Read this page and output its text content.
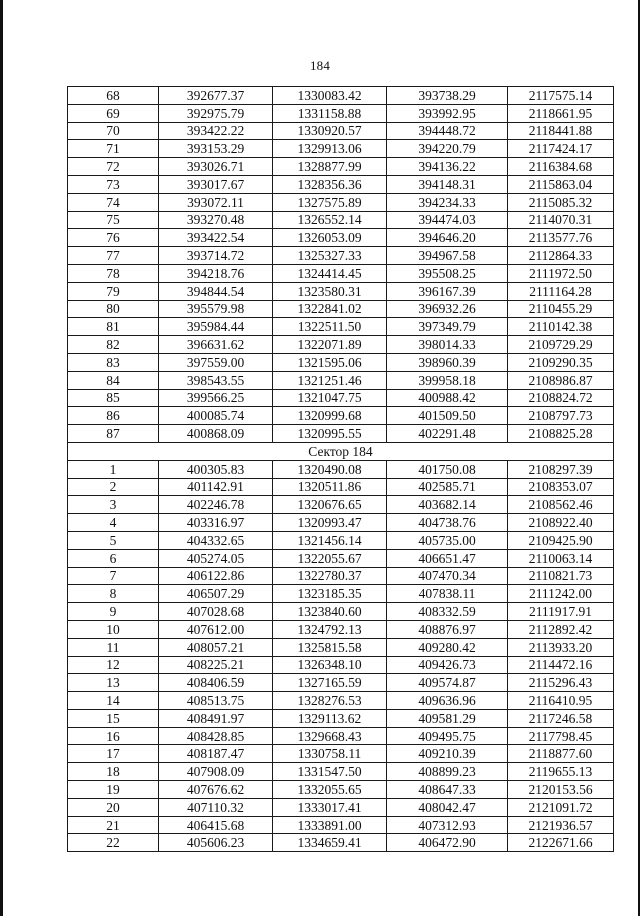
184
68	392677.37	1330083.42	393738.29	2117575.14
69	392975.79	1331158.88	393992.95	2118661.95
70	393422.22	1330920.57	394448.72	2118441.88
71	393153.29	1329913.06	394220.79	2117424.17
72	393026.71	1328877.99	394136.22	2116384.68
73	393017.67	1328356.36	394148.31	2115863.04
74	393072.11	1327575.89	394234.33	2115085.32
75	393270.48	1326552.14	394474.03	2114070.31
76	393422.54	1326053.09	394646.20	2113577.76
77	393714.72	1325327.33	394967.58	2112864.33
78	394218.76	1324414.45	395508.25	2111972.50
79	394844.54	1323580.31	396167.39	2111164.28
80	395579.98	1322841.02	396932.26	2110455.29
81	395984.44	1322511.50	397349.79	2110142.38
82	396631.62	1322071.89	398014.33	2109729.29
83	397559.00	1321595.06	398960.39	2109290.35
84	398543.55	1321251.46	399958.18	2108986.87
85	399566.25	1321047.75	400988.42	2108824.72
86	400085.74	1320999.68	401509.50	2108797.73
87	400868.09	1320995.55	402291.48	2108825.28
Сектор 184				
1	400305.83	1320490.08	401750.08	2108297.39
2	401142.91	1320511.86	402585.71	2108353.07
3	402246.78	1320676.65	403682.14	2108562.46
4	403316.97	1320993.47	404738.76	2108922.40
5	404332.65	1321456.14	405735.00	2109425.90
6	405274.05	1322055.67	406651.47	2110063.14
7	406122.86	1322780.37	407470.34	2110821.73
8	406507.29	1323185.35	407838.11	2111242.00
9	407028.68	1323840.60	408332.59	2111917.91
10	407612.00	1324792.13	408876.97	2112892.42
11	408057.21	1325815.58	409280.42	2113933.20
12	408225.21	1326348.10	409426.73	2114472.16
13	408406.59	1327165.59	409574.87	2115296.43
14	408513.75	1328276.53	409636.96	2116410.95
15	408491.97	1329113.62	409581.29	2117246.58
16	408428.85	1329668.43	409495.75	2117798.45
17	408187.47	1330758.11	409210.39	2118877.60
18	407908.09	1331547.50	408899.23	2119655.13
19	407676.62	1332055.65	408647.33	2120153.56
20	407110.32	1333017.41	408042.47	2121091.72
21	406415.68	1333891.00	407312.93	2121936.57
22	405606.23	1334659.41	406472.90	2122671.66
